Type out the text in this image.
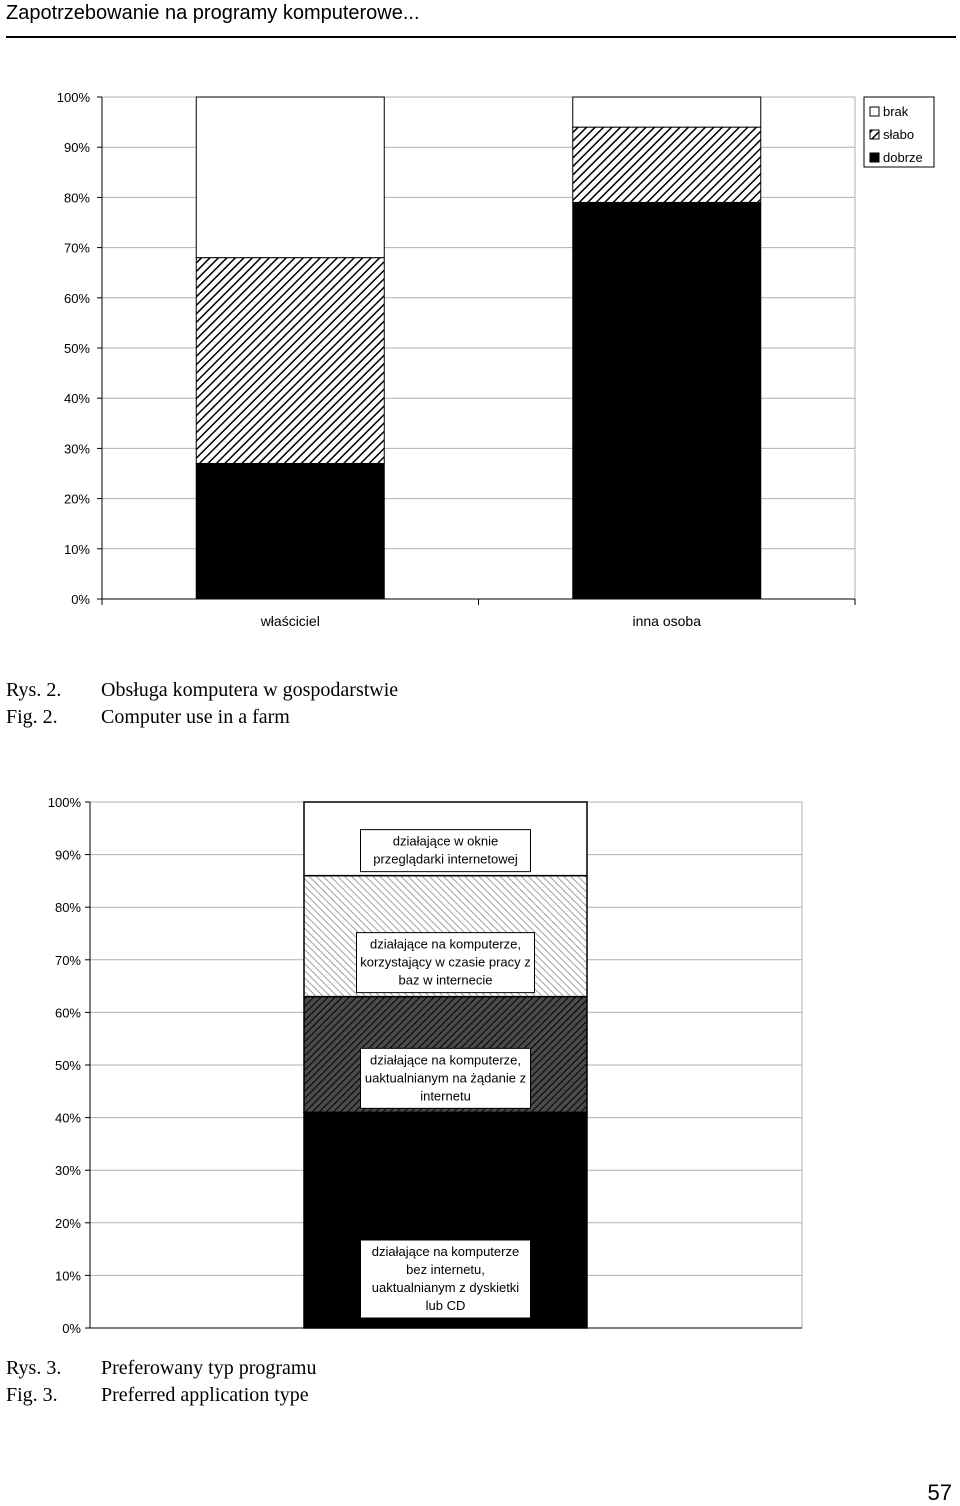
Zapotrzebowanie na programy komputerowe...
0%
10%
20%
30%
40%
50%
60%
70%
80%
90%
100%
właściciel	inna osoba
brak
słabo
dobrze
Rys. 2. Obsługa komputera w gospodarstwie
Fig. 2. Computer use in a farm
0%
10%
20%
30%
40%
50%
60%
70%
80%
90%
100%
działające na komputerze
bez internetu,
uaktualnianym z dyskietki
lub CD
działające na komputerze,
uaktualnianym na żądanie z
internetu
działające na komputerze,
korzystający w czasie pracy z
baz w internecie
działające w oknie
przeglądarki internetowej
Rys. 3. Preferowany typ programu
Fig. 3. Preferred application type
57
